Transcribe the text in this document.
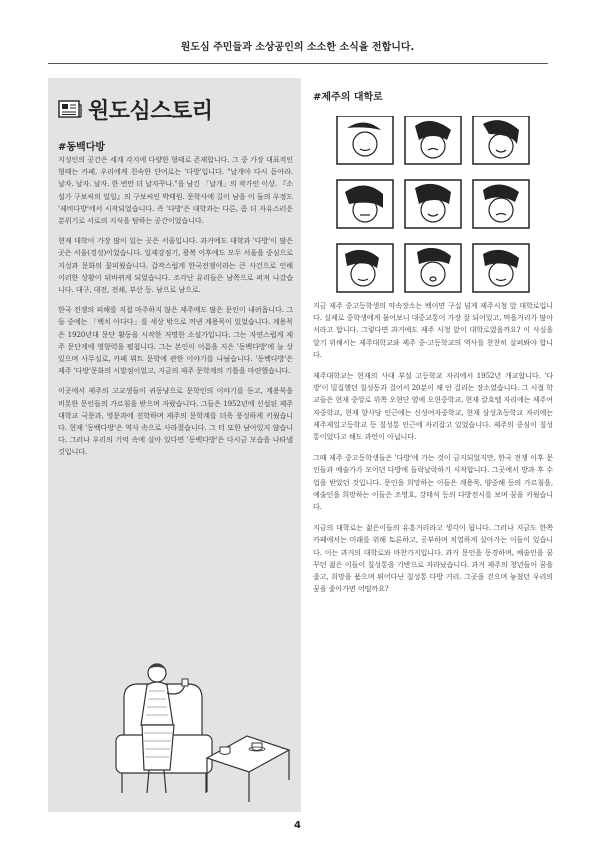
원도심 주민들과 소상공인의 소소한 소식을 전합니다.
원도심스토리
#동백다방

지성인의 공간은 세계 각지에 다양한 형태로 존재합니다. 그 중 가장 대표적인 형태는 카페, 우리에게 친숙한 단어로는 '다방'입니다. "날개야 다시 돋아라. 날자. 날자. 날자. 한 번만 더 날자꾸나."을 남긴 「날개」의 작가인 이상. 『소설가 구보씨의 일일』의 구보씨인 박태원. 문학사에 길이 남을 이 둘의 우정도 '제비다방'에서 시작되었습니다. 즉 '다방'은 대학과는 다른, 좀 더 자유스러운 분위기로 서로의 지식을 탐하는 공간이었습니다.

현재 대학이 가장 많이 있는 곳은 서울입니다. 과거에도 대학과 '다방'이 많은 곳은 서울(경성)이었습니다. 일제강점기, 광복 이후에도 모두 서울을 중심으로 지성과 문화의 꽃피웠습니다. 갑작스럽게 한국전쟁이라는 큰 사건으로 인해 이러한 상황이 뒤바뀌게 되었습니다. 조각난 유리들은 남쪽으로 퍼져 나갔습니다. 대구, 대전, 전쇄, 부산 등. 남으로 남으로.

한국 전쟁의 피해를 직접 마주하지 않은 제주에도 많은 문인이 내려옵니다. 그들 중에는 「백치 아다다」를 세상 밖으로 꺼낸 계용묵이 있었습니다. 계용묵은 1920년대 문단 활동을 시작한 저명한 소설가입니다. 그는 자연스럽게 제주 문단계에 영향력을 펼칩니다. 그는 본인이 이름을 지은 '동백다방'에 늘 상 있으며 사무실로, 카페 뷔트 문학에 관한 이야기를 나눴습니다. '동백다방'은 제주 '다방'문화의 시발점이었고, 지금의 제주 문학계의 기틀을 마련했습니다.

이곳에서 제주의 고교생들이 귀동냥으로 문학인의 이야기를 듣고, 계용묵을 비롯한 문인들의 가르침을 받으며 자랐습니다. 그들은 1952년에 신설된 제주대학교 국문과, 영문과에 진학하며 제주의 문학계를 더욱 풍성하게 키웠습니다. 현재 '동백다방'은 역사 속으로 사라졌습니다. 그 터 또한 남아있지 않습니다. 그러나 우리의 기억 속에 살아 있다면 '동백다방'은 다시금 모습을 나타낼 것입니다.

#제주의 대학로

지금 제주 중고등학생의 약속장소는 백이면 구십 넘게 제주시청 앞 대학로입니다. 실제로 중학생에게 물어보니 대중교통이 가장 잘 되어있고, 먹을거리가 많아서라고 합니다. 그렇다면 과거에도 제주 시청 앞이 대학로였을까요? 이 사실을 알기 위해서는 제주대학교와 제주 중·고등학교의 역사를 찬찬히 살펴봐야 합니다.

제주대학교는 현재의 사대 부설 고등학교 자리에서 1952년 개교합니다. '다방'이 밀집했던 칠성동과 걸어서 20분이 채 안 걸리는 장소였습니다. 그 시절 학교들은 현재 중앙로 위쪽 오현단 옆에 오현중학교, 현재 칼호텔 자리에는 제주여자중학교, 현재 향사당 인근에는 신성여자중학교, 현재 삼성초등학교 자리에는 제주제일고등학교 등 칠성통 인근에 자리잡고 있었습니다. 제주의 중심이 칠성통이었다고 해도 과언이 아닙니다.

그때 제주 중고등학생들은 '다방'에 가는 것이 금지되었지만, 한국 전쟁 이후 문인들과 예술가가 모이던 다방에 들락날락하기 시작합니다. 그곳에서 방과 후 수업을 받았던 것입니다. 문인을 희망하는 이들은 계용묵, 양중해 등의 가르침을, 예술인을 희망하는 이들은 조영호, 강태석 등의 다방전시를 보며 꿈을 키웠습니다.

지금의 대학로는 젊은이들의 유흥거리라고 생각이 됩니다. 그러나 지금도 한쪽 카페에서는 미래를 위해 토론하고, 공부하며 치열하게 살아가는 이들이 있습니다. 이는 과거의 대학로와 마찬가지입니다. 과거 문인을 동경하며, 예술인을 꿈꾸던 젊은 이들이 칠성통을 기반으로 자라났습니다. 과거 제주의 청년들이 꿈을 좇고, 희망을 품으며 뛰어다닌 칠성통 다방 거리. 그곳을 걷으며 놓쳤던 우리의 꿈을 좇아가면 어떨까요?

4
